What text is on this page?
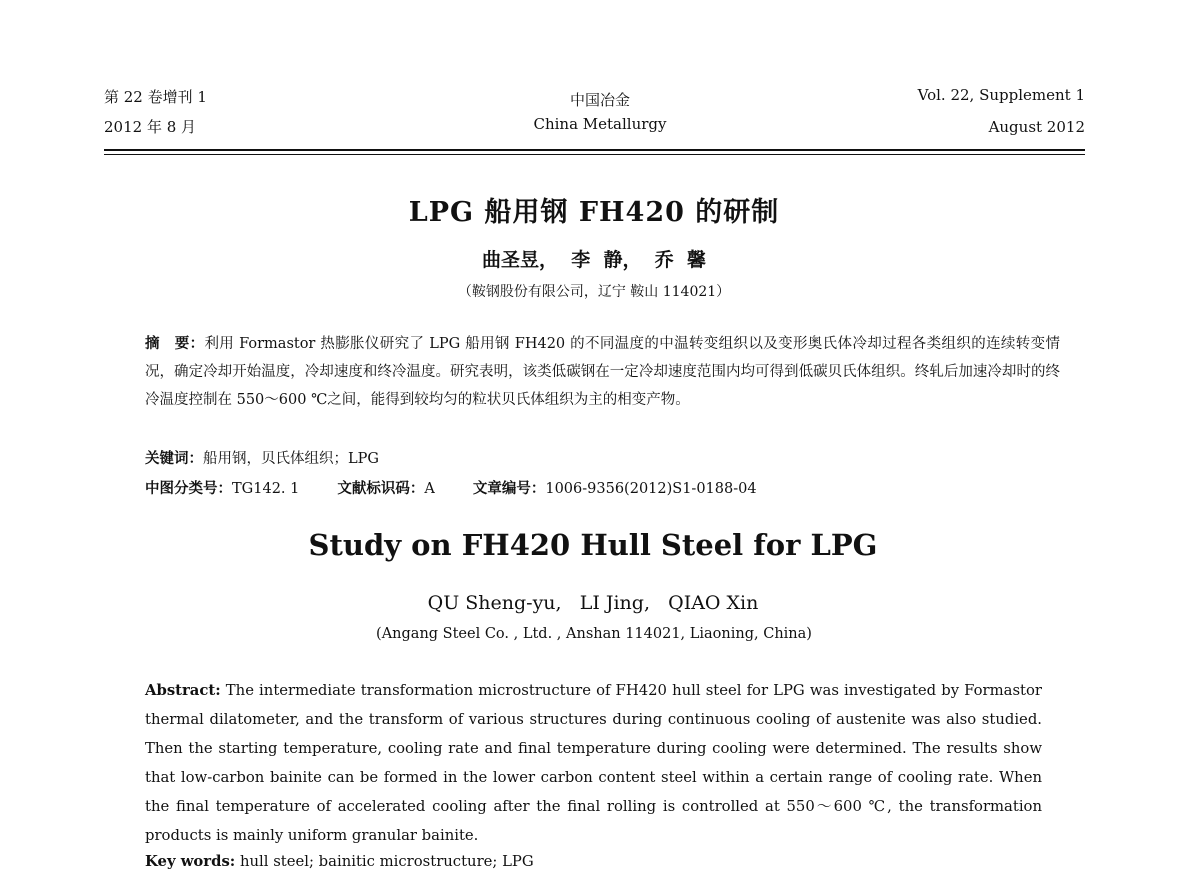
第 22 卷增刊 1
2012 年 8 月
中国冶金
China Metallurgy
Vol. 22, Supplement 1
August 2012
LPG 船用钢 FH420 的研制
曲圣昱，  李  静，  乔  馨
（鞍钢股份有限公司，辽宁 鞍山 114021）
摘　要：利用 Formastor 热膨胀仪研究了 LPG 船用钢 FH420 的不同温度的中温转变组织以及变形奥氏体冷却过程各类组织的连续转变情况，确定冷却开始温度，冷却速度和终冷温度。研究表明，该类低碳钢在一定冷却速度范围内均可得到低碳贝氏体组织。终轧后加速冷却时的终冷温度控制在 550～600 ℃之间，能得到较均匀的粒状贝氏体组织为主的相变产物。
关键词：船用钢，贝氏体组织；LPG
中图分类号：TG142. 1	文献标识码：A	文章编号：1006-9356(2012)S1-0188-04
Study on FH420 Hull Steel for LPG
QU Sheng-yu,   LI Jing,   QIAO Xin
(Angang Steel Co. , Ltd. , Anshan 114021, Liaoning, China)
Abstract: The intermediate transformation microstructure of FH420 hull steel for LPG was investigated by Formastor thermal dilatometer, and the transform of various structures during continuous cooling of austenite was also studied. Then the starting temperature, cooling rate and final temperature during cooling were determined. The results show that low-carbon bainite can be formed in the lower carbon content steel within a certain range of cooling rate. When the final temperature of accelerated cooling after the final rolling is controlled at 550～600 ℃, the transformation products is mainly uniform granular bainite.
Key words: hull steel; bainitic microstructure; LPG
